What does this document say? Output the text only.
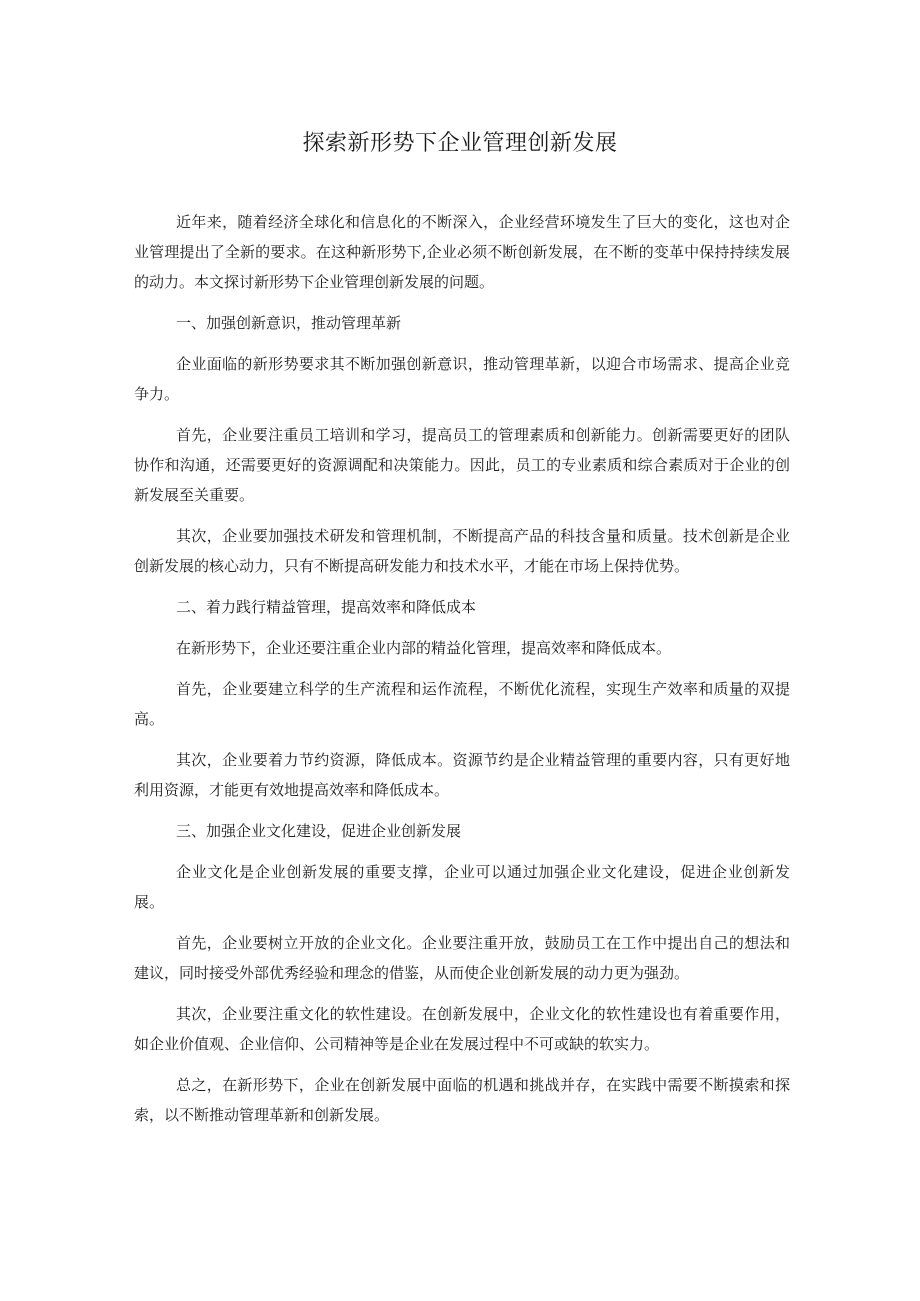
探索新形势下企业管理创新发展

近年来，随着经济全球化和信息化的不断深入，企业经营环境发生了巨大的变化，这也对企业管理提出了全新的要求。在这种新形势下,企业必须不断创新发展，在不断的变革中保持持续发展的动力。本文探讨新形势下企业管理创新发展的问题。

一、加强创新意识，推动管理革新

企业面临的新形势要求其不断加强创新意识，推动管理革新，以迎合市场需求、提高企业竞争力。

首先，企业要注重员工培训和学习，提高员工的管理素质和创新能力。创新需要更好的团队协作和沟通，还需要更好的资源调配和决策能力。因此，员工的专业素质和综合素质对于企业的创新发展至关重要。

其次，企业要加强技术研发和管理机制，不断提高产品的科技含量和质量。技术创新是企业创新发展的核心动力，只有不断提高研发能力和技术水平，才能在市场上保持优势。

二、着力践行精益管理，提高效率和降低成本

在新形势下，企业还要注重企业内部的精益化管理，提高效率和降低成本。

首先，企业要建立科学的生产流程和运作流程，不断优化流程，实现生产效率和质量的双提高。

其次，企业要着力节约资源，降低成本。资源节约是企业精益管理的重要内容，只有更好地利用资源，才能更有效地提高效率和降低成本。

三、加强企业文化建设，促进企业创新发展

企业文化是企业创新发展的重要支撑，企业可以通过加强企业文化建设，促进企业创新发展。

首先，企业要树立开放的企业文化。企业要注重开放，鼓励员工在工作中提出自己的想法和建议，同时接受外部优秀经验和理念的借鉴，从而使企业创新发展的动力更为强劲。

其次，企业要注重文化的软性建设。在创新发展中，企业文化的软性建设也有着重要作用，如企业价值观、企业信仰、公司精神等是企业在发展过程中不可或缺的软实力。

总之，在新形势下，企业在创新发展中面临的机遇和挑战并存，在实践中需要不断摸索和探索，以不断推动管理革新和创新发展。
